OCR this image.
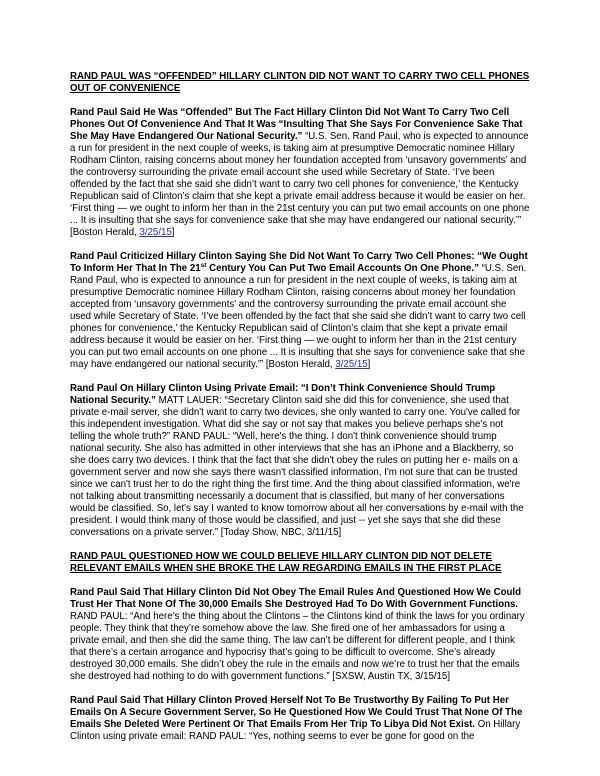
RAND PAUL WAS “OFFENDED” HILLARY CLINTON DID NOT WANT TO CARRY TWO CELL PHONES OUT OF CONVENIENCE

Rand Paul Said He Was “Offended” But The Fact Hillary Clinton Did Not Want To Carry Two Cell Phones Out Of Convenience And That It Was “Insulting That She Says For Convenience Sake That She May Have Endangered Our National Security.” “U.S. Sen. Rand Paul, who is expected to announce a run for president in the next couple of weeks, is taking aim at presumptive Democratic nominee Hillary Rodham Clinton, raising concerns about money her foundation accepted from ‘unsavory governments’ and the controversy surrounding the private email account she used while Secretary of State. ‘I’ve been offended by the fact that she said she didn’t want to carry two cell phones for convenience,’ the Kentucky Republican said of Clinton’s claim that she kept a private email address because it would be easier on her. ‘First thing — we ought to inform her than in the 21st century you can put two email accounts on one phone ... It is insulting that she says for convenience sake that she may have endangered our national security.’” [Boston Herald, 3/25/15]

Rand Paul Criticized Hillary Clinton Saying She Did Not Want To Carry Two Cell Phones: “We Ought To Inform Her That In The 21st Century You Can Put Two Email Accounts On One Phone.” “U.S. Sen. Rand Paul, who is expected to announce a run for president in the next couple of weeks, is taking aim at presumptive Democratic nominee Hillary Rodham Clinton, raising concerns about money her foundation accepted from ‘unsavory governments’ and the controversy surrounding the private email account she used while Secretary of State. ‘I’ve been offended by the fact that she said she didn’t want to carry two cell phones for convenience,’ the Kentucky Republican said of Clinton’s claim that she kept a private email address because it would be easier on her. ‘First thing — we ought to inform her than in the 21st century you can put two email accounts on one phone ... It is insulting that she says for convenience sake that she may have endangered our national security.’” [Boston Herald, 3/25/15]

Rand Paul On Hillary Clinton Using Private Email: “I Don’t Think Convenience Should Trump National Security.” MATT LAUER: “Secretary Clinton said she did this for convenience, she used that private e-mail server, she didn't want to carry two devices, she only wanted to carry one. You've called for this independent investigation. What did she say or not say that makes you believe perhaps she's not telling the whole truth?” RAND PAUL: “Well, here's the thing. I don't think convenience should trump national security. She also has admitted in other interviews that she has an iPhone and a Blackberry, so she does carry two devices. I think that the fact that she didn't obey the rules on putting her e- mails on a government server and now she says there wasn't classified information, I'm not sure that can be trusted since we can't trust her to do the right thing the first time. And the thing about classified information, we're not talking about transmitting necessarily a document that is classified, but many of her conversations would be classified. So, let's say I wanted to know tomorrow about all her conversations by e-mail with the president. I would think many of those would be classified, and just -- yet she says that she did these conversations on a private server.” [Today Show, NBC, 3/11/15]

RAND PAUL QUESTIONED HOW WE COULD BELIEVE HILLARY CLINTON DID NOT DELETE RELEVANT EMAILS WHEN SHE BROKE THE LAW REGARDING EMAILS IN THE FIRST PLACE

Rand Paul Said That Hillary Clinton Did Not Obey The Email Rules And Questioned How We Could Trust Her That None Of The 30,000 Emails She Destroyed Had To Do With Government Functions. RAND PAUL: “And here’s the thing about the Clintons – the Clintons kind of think the laws for you ordinary people. They think that they’re somehow above the law. She fired one of her ambassadors for using a private email, and then she did the same thing. The law can’t be different for different people, and I think that there’s a certain arrogance and hypocrisy that’s going to be difficult to overcome. She’s already destroyed 30,000 emails. She didn’t obey the rule in the emails and now we’re to trust her that the emails she destroyed had nothing to do with government functions.” [SXSW, Austin TX, 3/15/15]

Rand Paul Said That Hillary Clinton Proved Herself Not To Be Trustworthy By Failing To Put Her Emails On A Secure Government Server, So He Questioned How We Could Trust That None Of The Emails She Deleted Were Pertinent Or That Emails From Her Trip To Libya Did Not Exist. On Hillary Clinton using private email: RAND PAUL: “Yes, nothing seems to ever be gone for good on the
